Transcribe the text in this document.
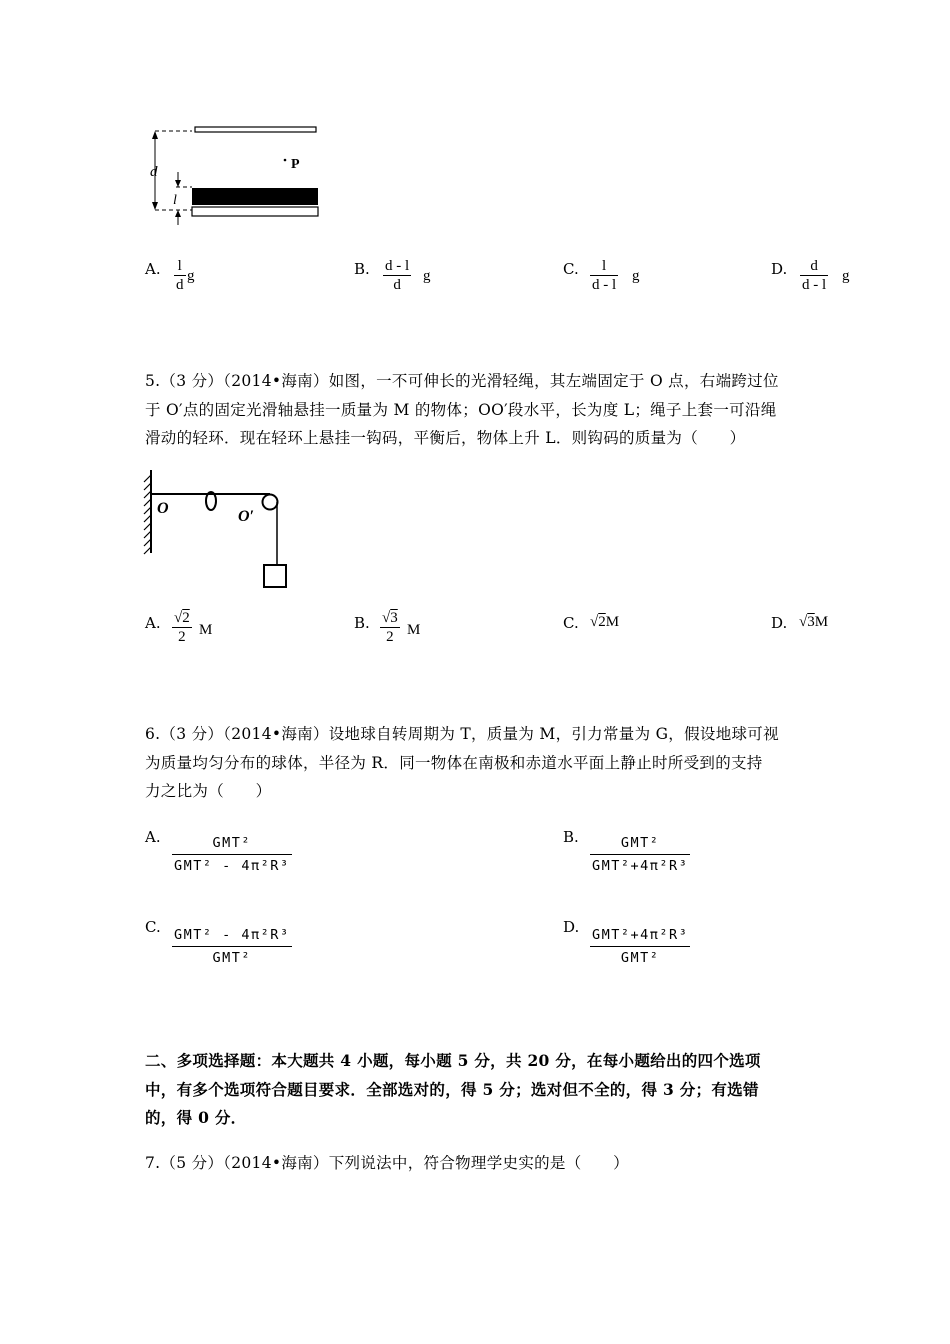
d
l
P
A. l
d
g	B. d - l
d
g	C.	l
d - l
g	D.	d
d - l
g
5.（3 分）（2014•海南）如图，一不可伸长的光滑轻绳，其左端固定于 O 点，右端跨过位
于 O′点的固定光滑轴悬挂一质量为 M 的物体；OO′段水平，长为度 L；绳子上套一可沿绳
滑动的轻环．现在轻环上悬挂一钩码，平衡后，物体上升 L．则钩码的质量为（　　）
O	O′
A. √2
2 M	B. √3
2 M	C. √2M	D. √3M
6.（3 分）（2014•海南）设地球自转周期为 T，质量为 M，引力常量为 G，假设地球可视
为质量均匀分布的球体，半径为 R．同一物体在南极和赤道水平面上静止时所受到的支持
力之比为（　　）
A.	GMT²
GMT² - 4π²R³
B.	GMT²
GMT²+4π²R³
C. GMT² - 4π²R³
GMT²
D. GMT²+4π²R³
GMT²
二、多项选择题：本大题共 4 小题，每小题 5 分，共 20 分，在每小题给出的四个选项
中，有多个选项符合题目要求．全部选对的，得 5 分；选对但不全的，得 3 分；有选错
的，得 0 分．
7.（5 分）（2014•海南）下列说法中，符合物理学史实的是（　　）
